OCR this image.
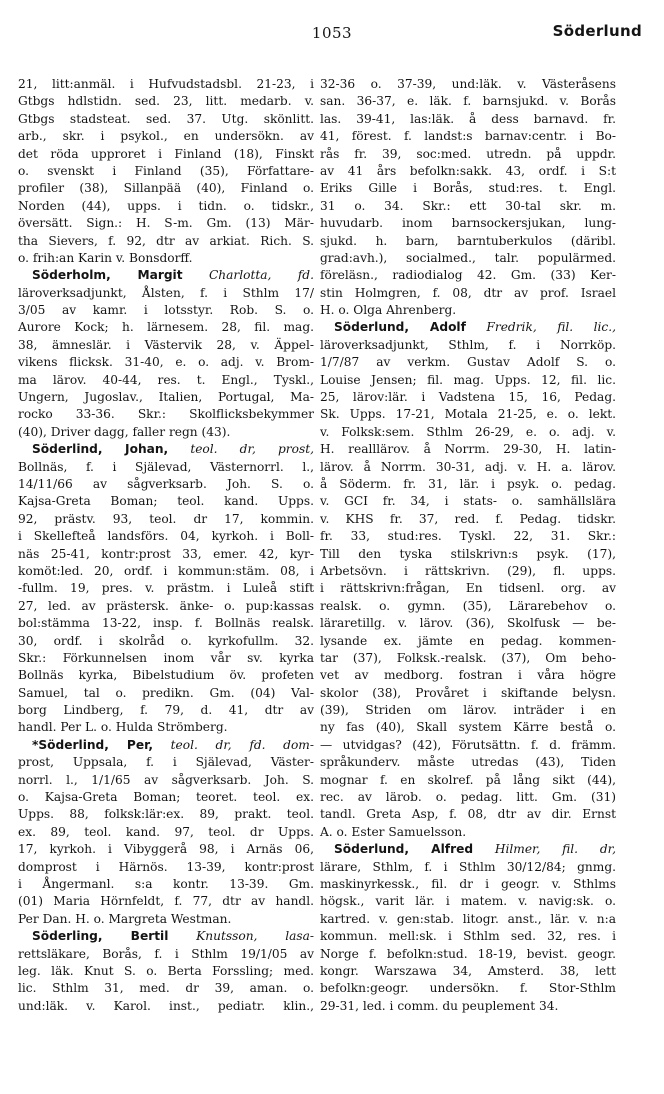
1053	Söderlund
21, litt:anmäl. i Hufvudstadsbl. 21-23, i
Gtbgs hdlstidn. sed. 23, litt. medarb. v.
Gtbgs stadsteat. sed. 37. Utg. skönlitt.
arb., skr. i psykol., en undersökn. av
det röda upproret i Finland (18), Finskt
o. svenskt i Finland (35), Författare-
profiler (38), Sillanpää (40), Finland o.
Norden (44), upps. i tidn. o. tidskr.,
översätt. Sign.: H. S-m. Gm. (13) Mär-
tha Sievers, f. 92, dtr av arkiat. Rich. S.
o. frih:an Karin v. Bonsdorff.
Söderholm, Margit Charlotta, fd.
läroverksadjunkt, Ålsten, f. i Sthlm 17/
3/05 av kamr. i lotsstyr. Rob. S. o.
Aurore Kock; h. lärnesem. 28, fil. mag.
38, ämneslär. i Västervik 28, v. Äppel-
vikens flicksk. 31-40, e. o. adj. v. Brom-
ma lärov. 40-44, res. t. Engl., Tyskl.,
Ungern, Jugoslav., Italien, Portugal, Ma-
rocko 33-36. Skr.: Skolflicksbekymmer
(40), Driver dagg, faller regn (43).
Söderlind, Johan, teol. dr, prost,
Bollnäs, f. i Själevad, Västernorrl. l.,
14/11/66 av sågverksarb. Joh. S. o.
Kajsa-Greta Boman; teol. kand. Upps.
92, prästv. 93, teol. dr 17, kommin.
i Skellefteå landsförs. 04, kyrkoh. i Boll-
näs 25-41, kontr:prost 33, emer. 42, kyr-
komöt:led. 20, ordf. i kommun:stäm. 08, i
-fullm. 19, pres. v. prästm. i Luleå stift
27, led. av prästersk. änke- o. pup:kassas
bol:stämma 13-22, insp. f. Bollnäs realsk.
30, ordf. i skolråd o. kyrkofullm. 32.
Skr.: Förkunnelsen inom vår sv. kyrka
Bollnäs kyrka, Bibelstudium öv. profeten
Samuel, tal o. predikn. Gm. (04) Val-
borg Lindberg, f. 79, d. 41, dtr av
handl. Per L. o. Hulda Strömberg.
*Söderlind, Per, teol. dr, fd. dom-
prost, Uppsala, f. i Själevad, Väster-
norrl. l., 1/1/65 av sågverksarb. Joh. S.
o. Kajsa-Greta Boman; teoret. teol. ex.
Upps. 88, folksk:lär:ex. 89, prakt. teol.
ex. 89, teol. kand. 97, teol. dr Upps.
17, kyrkoh. i Vibyggerå 98, i Arnäs 06,
domprost i Härnös. 13-39, kontr:prost
i Ångermanl. s:a kontr. 13-39. Gm.
(01) Maria Hörnfeldt, f. 77, dtr av handl.
Per Dan. H. o. Margreta Westman.
Söderling, Bertil Knutsson, lasa-
rettsläkare, Borås, f. i Sthlm 19/1/05 av
leg. läk. Knut S. o. Berta Forssling; med.
lic. Sthlm 31, med. dr 39, aman. o.
und:läk. v. Karol. inst., pediatr. klin.,
32-36 o. 37-39, und:läk. v. Västeråsens
san. 36-37, e. läk. f. barnsjukd. v. Borås
las. 39-41, las:läk. å dess barnavd. fr.
41, förest. f. landst:s barnav:centr. i Bo-
rås fr. 39, soc:med. utredn. på uppdr.
av 41 års befolkn:sakk. 43, ordf. i S:t
Eriks Gille i Borås, stud:res. t. Engl.
31 o. 34. Skr.: ett 30-tal skr. m.
huvudarb. inom barnsockersjukan, lung-
sjukd. h. barn, barntuberkulos (däribl.
grad:avh.), socialmed., talr. populärmed.
föreläsn., radiodialog 42. Gm. (33) Ker-
stin Holmgren, f. 08, dtr av prof. Israel
H. o. Olga Ahrenberg.
Söderlund, Adolf Fredrik, fil. lic.,
läroverksadjunkt, Sthlm, f. i Norrköp.
1/7/87 av verkm. Gustav Adolf S. o.
Louise Jensen; fil. mag. Upps. 12, fil. lic.
25, lärov:lär. i Vadstena 15, 16, Pedag.
Sk. Upps. 17-21, Motala 21-25, e. o. lekt.
v. Folksk:sem. Sthlm 26-29, e. o. adj. v.
H. realllärov. å Norrm. 29-30, H. latin-
lärov. å Norrm. 30-31, adj. v. H. a. lärov.
å Söderm. fr. 31, lär. i psyk. o. pedag.
v. GCI fr. 34, i stats- o. samhällslära
v. KHS fr. 37, red. f. Pedag. tidskr.
fr. 33, stud:res. Tyskl. 22, 31. Skr.:
Till den tyska stilskrivn:s psyk. (17),
Arbetsövn. i rättskrivn. (29), fl. upps.
i rättskrivn:frågan, En tidsenl. org. av
realsk. o. gymn. (35), Lärarebehov o.
läraretillg. v. lärov. (36), Skolfusk — be-
lysande ex. jämte en pedag. kommen-
tar (37), Folksk.-realsk. (37), Om beho-
vet av medborg. fostran i våra högre
skolor (38), Provåret i skiftande belysn.
(39), Striden om lärov. inträder i en
ny fas (40), Skall system Kärre bestå o.
— utvidgas? (42), Förutsättn. f. d. främm.
språkunderv. måste utredas (43), Tiden
mognar f. en skolref. på lång sikt (44),
rec. av lärob. o. pedag. litt. Gm. (31)
tandl. Greta Asp, f. 08, dtr av dir. Ernst
A. o. Ester Samuelsson.
Söderlund, Alfred Hilmer, fil. dr,
lärare, Sthlm, f. i Sthlm 30/12/84; gnmg.
maskinyrkessk., fil. dr i geogr. v. Sthlms
högsk., varit lär. i matem. v. navig:sk. o.
kartred. v. gen:stab. litogr. anst., lär. v. n:a
kommun. mell:sk. i Sthlm sed. 32, res. i
Norge f. befolkn:stud. 18-19, bevist. geogr.
kongr. Warszawa 34, Amsterd. 38, lett
befolkn:geogr. undersökn. f. Stor-Sthlm
29-31, led. i comm. du peuplement 34.
